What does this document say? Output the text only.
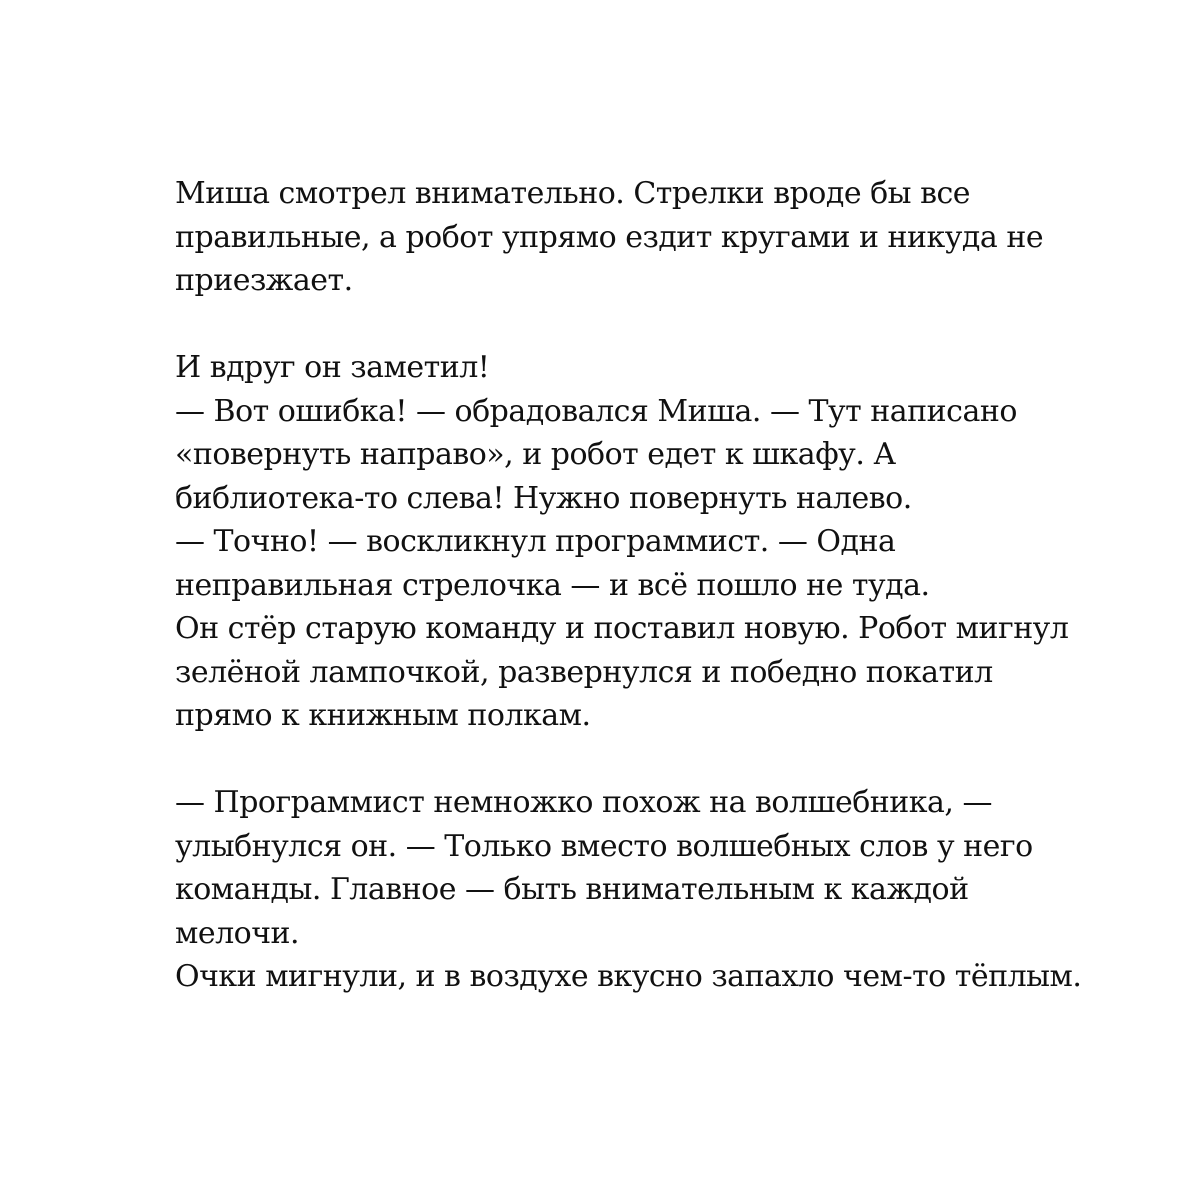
Миша смотрел внимательно. Стрелки вроде бы все
правильные, а робот упрямо ездит кругами и никуда не
приезжает.
И вдруг он заметил!
— Вот ошибка! — обрадовался Миша. — Тут написано
«повернуть направо», и робот едет к шкафу. А
библиотека-то слева! Нужно повернуть налево.
— Точно! — воскликнул программист. — Одна
неправильная стрелочка — и всё пошло не туда.
Он стёр старую команду и поставил новую. Робот мигнул
зелёной лампочкой, развернулся и победно покатил
прямо к книжным полкам.
— Программист немножко похож на волшебника, —
улыбнулся он. — Только вместо волшебных слов у него
команды. Главное — быть внимательным к каждой
мелочи.
Очки мигнули, и в воздухе вкусно запахло чем-то тёплым.
